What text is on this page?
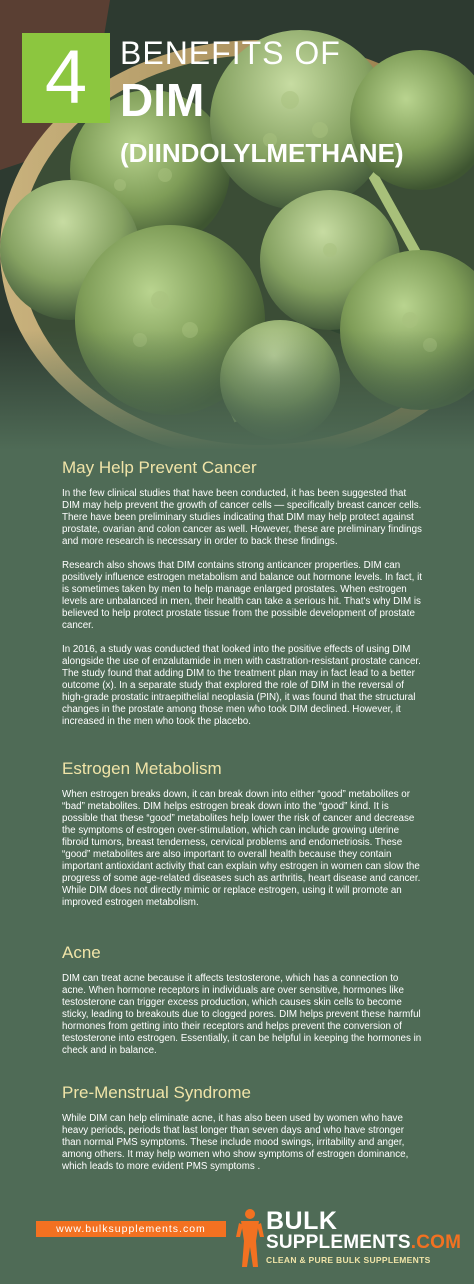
4 BENEFITS OF
DIM (DIINDOLYLMETHANE)
May Help Prevent Cancer

In the few clinical studies that have been conducted, it has been suggested that DIM may help prevent the growth of cancer cells — specifically breast cancer cells. There have been preliminary studies indicating that DIM may help protect against prostate, ovarian and colon cancer as well. However, these are preliminary findings and more research is necessary in order to back these findings.

Research also shows that DIM contains strong anticancer properties. DIM can positively influence estrogen metabolism and balance out hormone levels. In fact, it is sometimes taken by men to help manage enlarged prostates. When estrogen levels are unbalanced in men, their health can take a serious hit. That's why DIM is believed to help protect prostate tissue from the possible development of prostate cancer.

In 2016, a study was conducted that looked into the positive effects of using DIM alongside the use of enzalutamide in men with castration-resistant prostate cancer. The study found that adding DIM to the treatment plan may in fact lead to a better outcome (x). In a separate study that explored the role of DIM in the reversal of high-grade prostatic intraepithelial neoplasia (PIN), it was found that the structural changes in the prostate among those men who took DIM declined. However, it increased in the men who took the placebo.

Estrogen Metabolism

When estrogen breaks down, it can break down into either “good” metabolites or “bad” metabolites. DIM helps estrogen break down into the “good” kind. It is possible that these “good” metabolites help lower the risk of cancer and decrease the symptoms of estrogen over-stimulation, which can include growing uterine fibroid tumors, breast tenderness, cervical problems and endometriosis. These “good” metabolites are also important to overall health because they contain important antioxidant activity that can explain why estrogen in women can slow the progress of some age-related diseases such as arthritis, heart disease and cancer. While DIM does not directly mimic or replace estrogen, using it will promote an improved estrogen metabolism.

Acne

DIM can treat acne because it affects testosterone, which has a connection to acne. When hormone receptors in individuals are over sensitive, hormones like testosterone can trigger excess production, which causes skin cells to become sticky, leading to breakouts due to clogged pores. DIM helps prevent these harmful hormones from getting into their receptors and helps prevent the conversion of testosterone into estrogen. Essentially, it can be helpful in keeping the hormones in check and in balance.

Pre-Menstrual Syndrome

While DIM can help eliminate acne, it has also been used by women who have heavy periods, periods that last longer than seven days and who have stronger than normal PMS symptoms. These include mood swings, irritability and anger, among others. It may help women who show symptoms of estrogen dominance, which leads to more evident PMS symptoms .

www.bulksupplements.com BULK
SUPPLEMENTS.COM
CLEAN & PURE BULK SUPPLEMENTS
